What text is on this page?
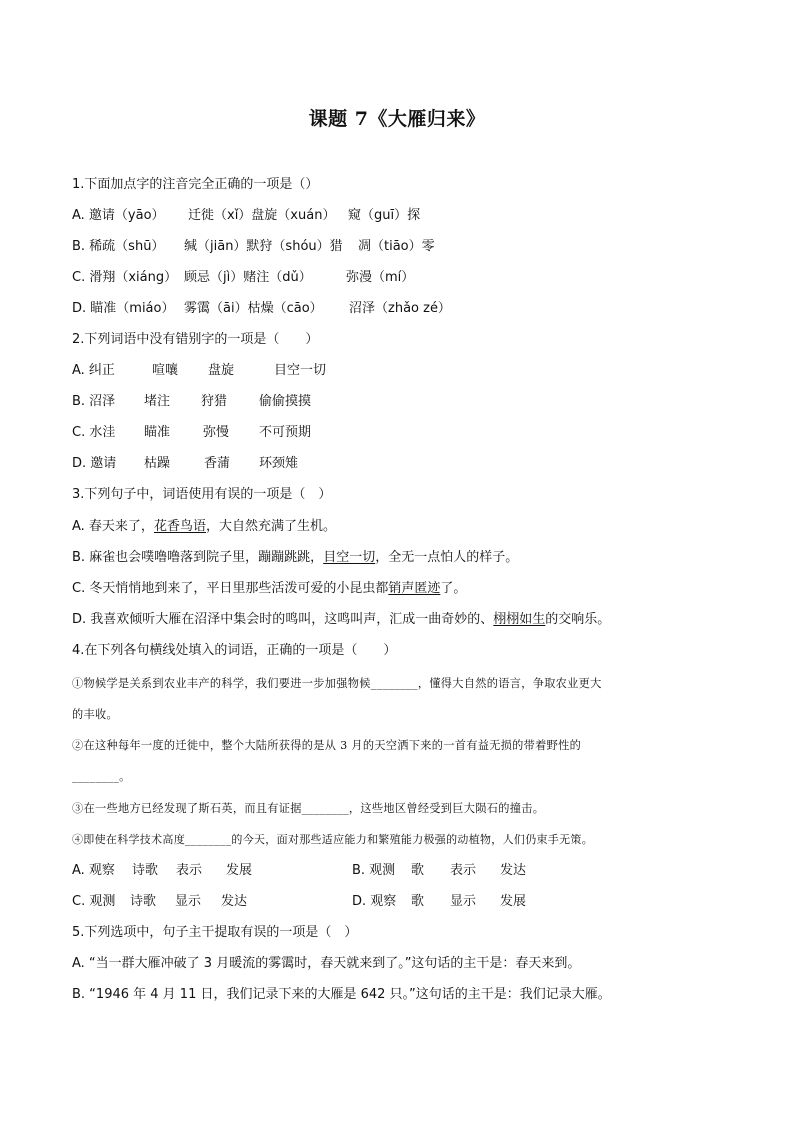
课题 7《大雁归来》
1.下面加点字的注音完全正确的一项是（）
A. 邀请（yāo） 迁徙（xǐ）盘旋（xuán） 窥（guī）探
B. 稀疏（shū） 缄（jiān）默狩（shóu）猎 凋（tiāo）零
C. 滑翔（xiáng） 顾忌（jì）赌注（dǔ）	弥漫（mí）
D. 瞄准（miáo） 雾霭（āi）枯燥（cāo） 沼泽（zhǎo zé）
2.下列词语中没有错别字的一项是（　　）
A. 纠正	喧嚷 盘旋	目空一切
B. 沼泽 堵注 狩猎 偷偷摸摸
C. 水洼 瞄准	弥慢 不可预期
D. 邀请 枯躁	香蒲 环颈雉
3.下列句子中，词语使用有误的一项是（　）
A. 春天来了，花香鸟语，大自然充满了生机。
B. 麻雀也会噗噜噜落到院子里，蹦蹦跳跳，目空一切，全无一点怕人的样子。
C. 冬天悄悄地到来了，平日里那些活泼可爱的小昆虫都销声匿迹了。
D. 我喜欢倾听大雁在沼泽中集会时的鸣叫，这鸣叫声，汇成一曲奇妙的、栩栩如生的交响乐。
4.在下列各句横线处填入的词语，正确的一项是（　　）
①物候学是关系到农业丰产的科学，我们要进一步加强物候________，懂得大自然的语言，争取农业更大
的丰收。
②在这种每年一度的迁徙中，整个大陆所获得的是从 3 月的天空洒下来的一首有益无损的带着野性的
________。
③在一些地方已经发现了斯石英，而且有证据________，这些地区曾经受到巨大陨石的撞击。
④即使在科学技术高度________的今天，面对那些适应能力和繁殖能力极强的动植物，人们仍束手无策。
A. 观察 诗歌 表示 发展	B. 观测 歌 表示 发达
C. 观测 诗歌 显示 发达	D. 观察 歌 显示 发展
5.下列选项中，句子主干提取有误的一项是（　）
A. “当一群大雁冲破了 3 月暖流的雾霭时，春天就来到了。”这句话的主干是：春天来到。
B. “1946 年 4 月 11 日，我们记录下来的大雁是 642 只。”这句话的主干是：我们记录大雁。
